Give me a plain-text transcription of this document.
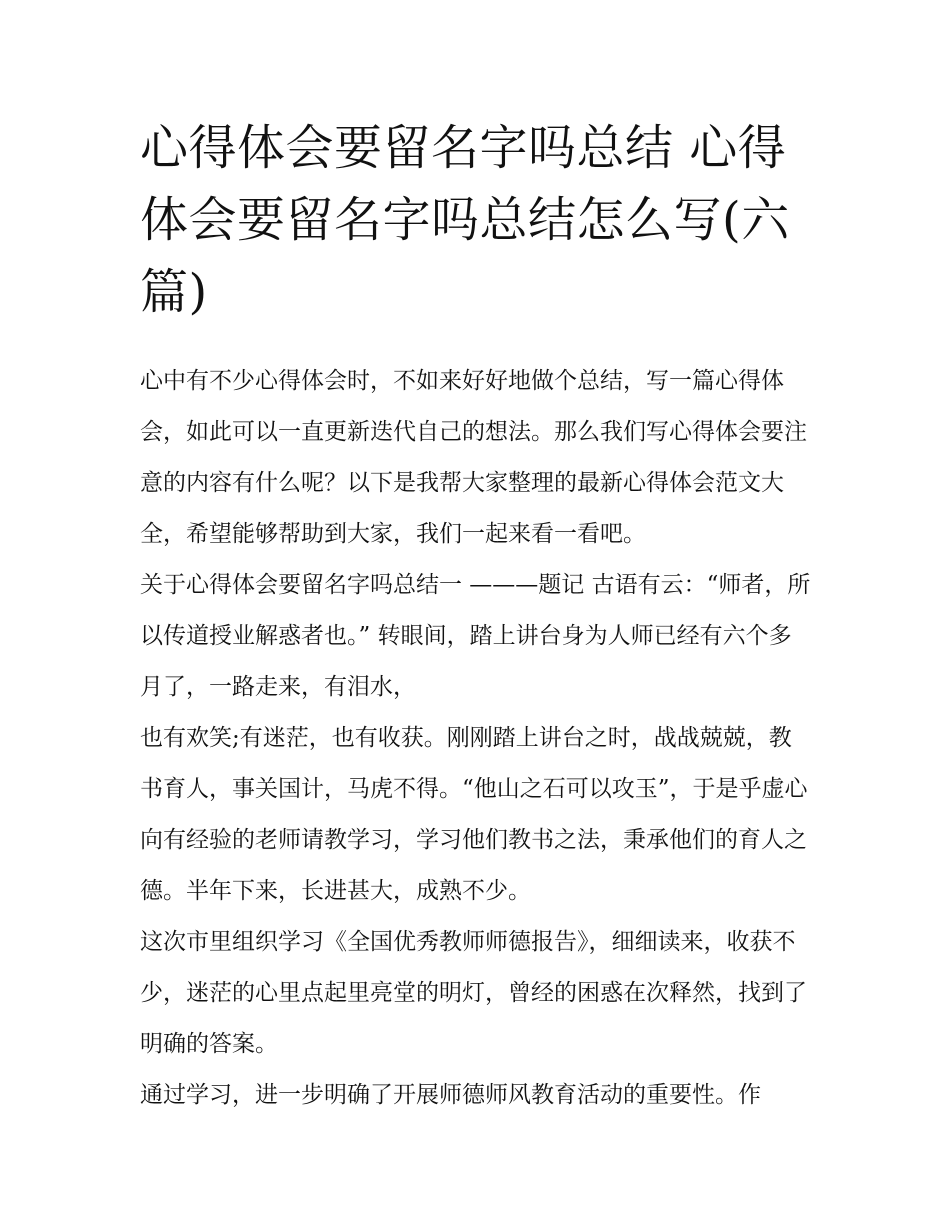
心得体会要留名字吗总结 心得体会要留名字吗总结怎么写(六篇)

心中有不少心得体会时，不如来好好地做个总结，写一篇心得体会，如此可以一直更新迭代自己的想法。那么我们写心得体会要注意的内容有什么呢？以下是我帮大家整理的最新心得体会范文大全，希望能够帮助到大家，我们一起来看一看吧。

关于心得体会要留名字吗总结一 ———题记 古语有云：“师者，所以传道授业解惑者也。” 转眼间，踏上讲台身为人师已经有六个多月了，一路走来，有泪水，

也有欢笑;有迷茫，也有收获。刚刚踏上讲台之时，战战兢兢，教书育人，事关国计，马虎不得。“他山之石可以攻玉”，于是乎虚心向有经验的老师请教学习，学习他们教书之法，秉承他们的育人之德。半年下来，长进甚大，成熟不少。

这次市里组织学习《全国优秀教师师德报告》，细细读来，收获不少，迷茫的心里点起里亮堂的明灯，曾经的困惑在次释然，找到了明确的答案。

通过学习，进一步明确了开展师德师风教育活动的重要性。作
